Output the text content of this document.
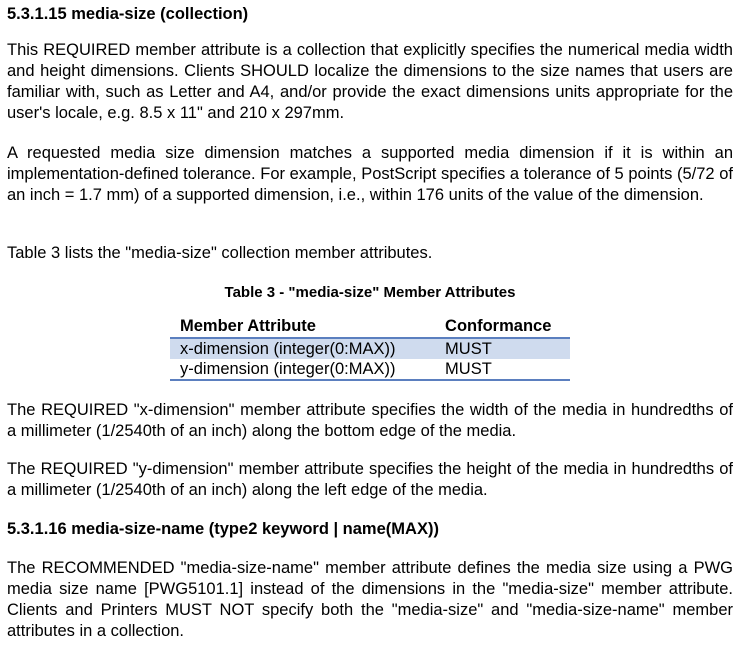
5.3.1.15 media-size (collection)

This REQUIRED member attribute is a collection that explicitly specifies the numerical media width and height dimensions. Clients SHOULD localize the dimensions to the size names that users are familiar with, such as Letter and A4, and/or provide the exact dimensions units appropriate for the user's locale, e.g. 8.5 x 11" and 210 x 297mm.

A requested media size dimension matches a supported media dimension if it is within an implementation-defined tolerance. For example, PostScript specifies a tolerance of 5 points (5/72 of an inch = 1.7 mm) of a supported dimension, i.e., within 176 units of the value of the dimension.

Table 3 lists the "media-size" collection member attributes.

Table 3 - "media-size" Member Attributes

Member Attribute	Conformance
x-dimension (integer(0:MAX))	MUST
y-dimension (integer(0:MAX))	MUST

The REQUIRED "x-dimension" member attribute specifies the width of the media in hundredths of a millimeter (1/2540th of an inch) along the bottom edge of the media.

The REQUIRED "y-dimension" member attribute specifies the height of the media in hundredths of a millimeter (1/2540th of an inch) along the left edge of the media.

5.3.1.16 media-size-name (type2 keyword | name(MAX))

The RECOMMENDED "media-size-name" member attribute defines the media size using a PWG media size name [PWG5101.1] instead of the dimensions in the "media-size" member attribute. Clients and Printers MUST NOT specify both the "media-size" and "media-size-name" member attributes in a collection.
